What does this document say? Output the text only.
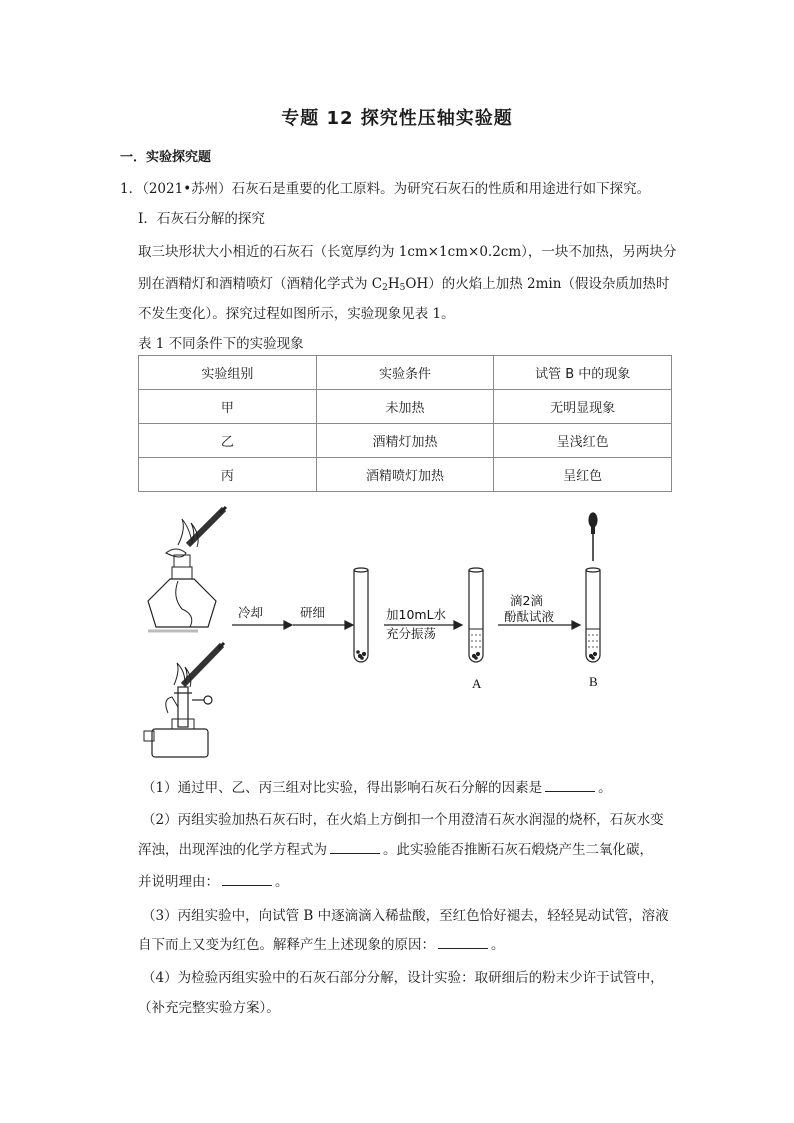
专题 12 探究性压轴实验题
一．实验探究题
1．（2021•苏州）石灰石是重要的化工原料。为研究石灰石的性质和用途进行如下探究。
Ⅰ．石灰石分解的探究
取三块形状大小相近的石灰石（长宽厚约为 1cm×1cm×0.2cm），一块不加热，另两块分
别在酒精灯和酒精喷灯（酒精化学式为 $C_2H_5OH$）的火焰上加热 2min（假设杂质加热时
不发生变化）。探究过程如图所示，实验现象见表 1。
表 1 不同条件下的实验现象
实验组别	实验条件	试管 B 中的现象
甲	未加热	无明显现象
乙	酒精灯加热	呈浅红色
丙	酒精喷灯加热	呈红色
冷却	研细	加10mL水
充分振荡
A
滴2滴
酚酞试液
B
（1）通过甲、乙、丙三组对比实验，得出影响石灰石分解的因素是	。
（2）丙组实验加热石灰石时，在火焰上方倒扣一个用澄清石灰水润湿的烧杯，石灰水变
浑浊，出现浑浊的化学方程式为	。此实验能否推断石灰石煅烧产生二氧化碳，
并说明理由：	。
（3）丙组实验中，向试管 B 中逐滴滴入稀盐酸，至红色恰好褪去，轻轻晃动试管，溶液
自下而上又变为红色。解释产生上述现象的原因：	。
（4）为检验丙组实验中的石灰石部分分解，设计实验：取研细后的粉末少许于试管中，
（补充完整实验方案）。
